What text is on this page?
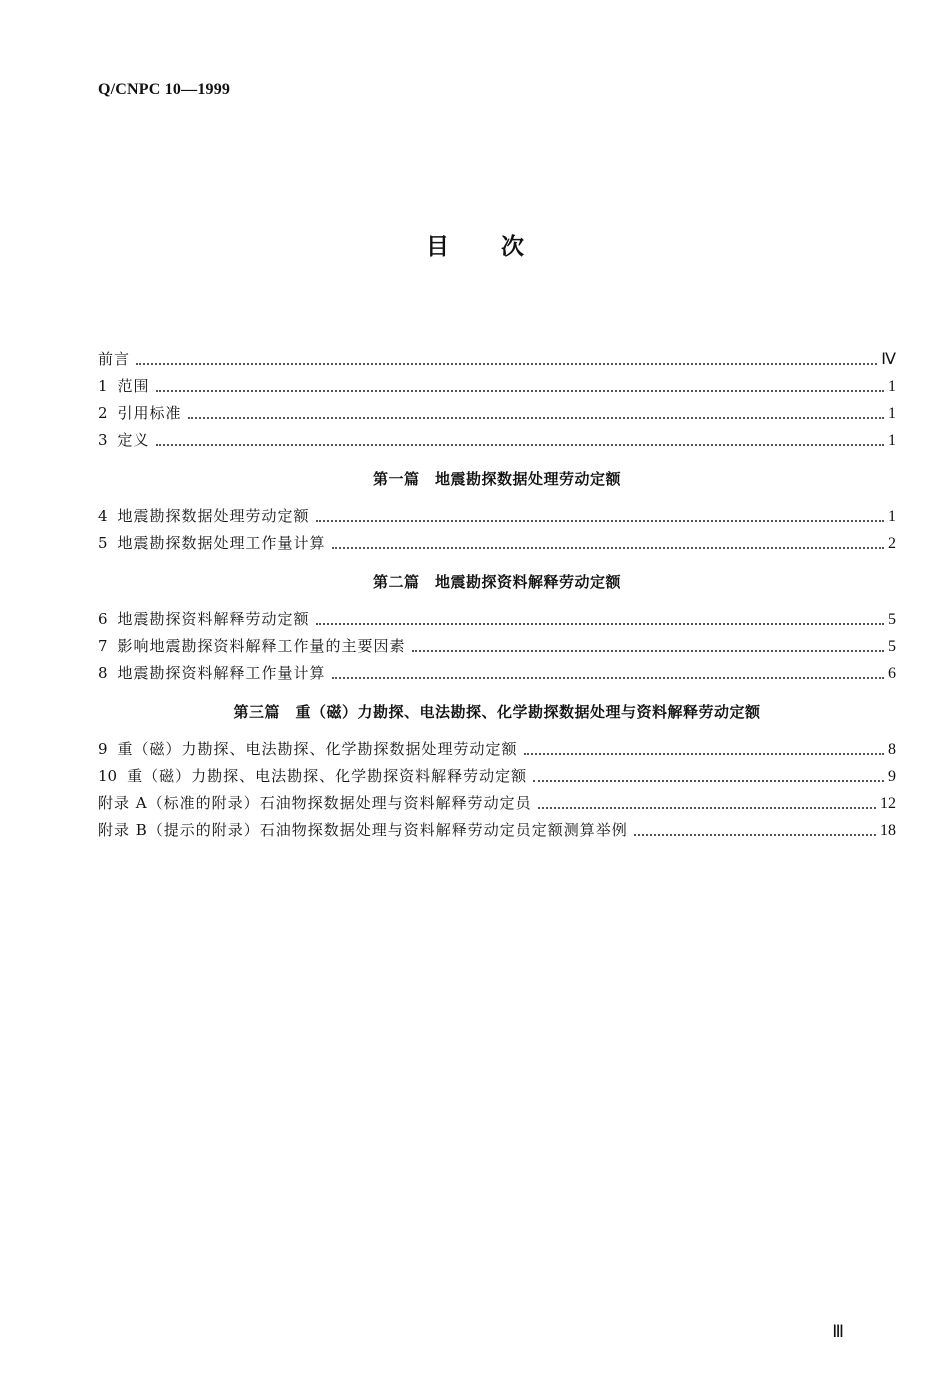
Q/CNPC 10—1999
目 次
前言	Ⅳ
1 范围	1
2 引用标准	1
3 定义	1
第一篇　地震勘探数据处理劳动定额
4 地震勘探数据处理劳动定额	1
5 地震勘探数据处理工作量计算	2
第二篇　地震勘探资料解释劳动定额
6 地震勘探资料解释劳动定额	5
7 影响地震勘探资料解释工作量的主要因素	5
8 地震勘探资料解释工作量计算	6
第三篇　重（磁）力勘探、电法勘探、化学勘探数据处理与资料解释劳动定额
9 重（磁）力勘探、电法勘探、化学勘探数据处理劳动定额	8
10 重（磁）力勘探、电法勘探、化学勘探资料解释劳动定额	9
附录 A（标准的附录）石油物探数据处理与资料解释劳动定员	12
附录 B（提示的附录）石油物探数据处理与资料解释劳动定员定额测算举例	18
Ⅲ
